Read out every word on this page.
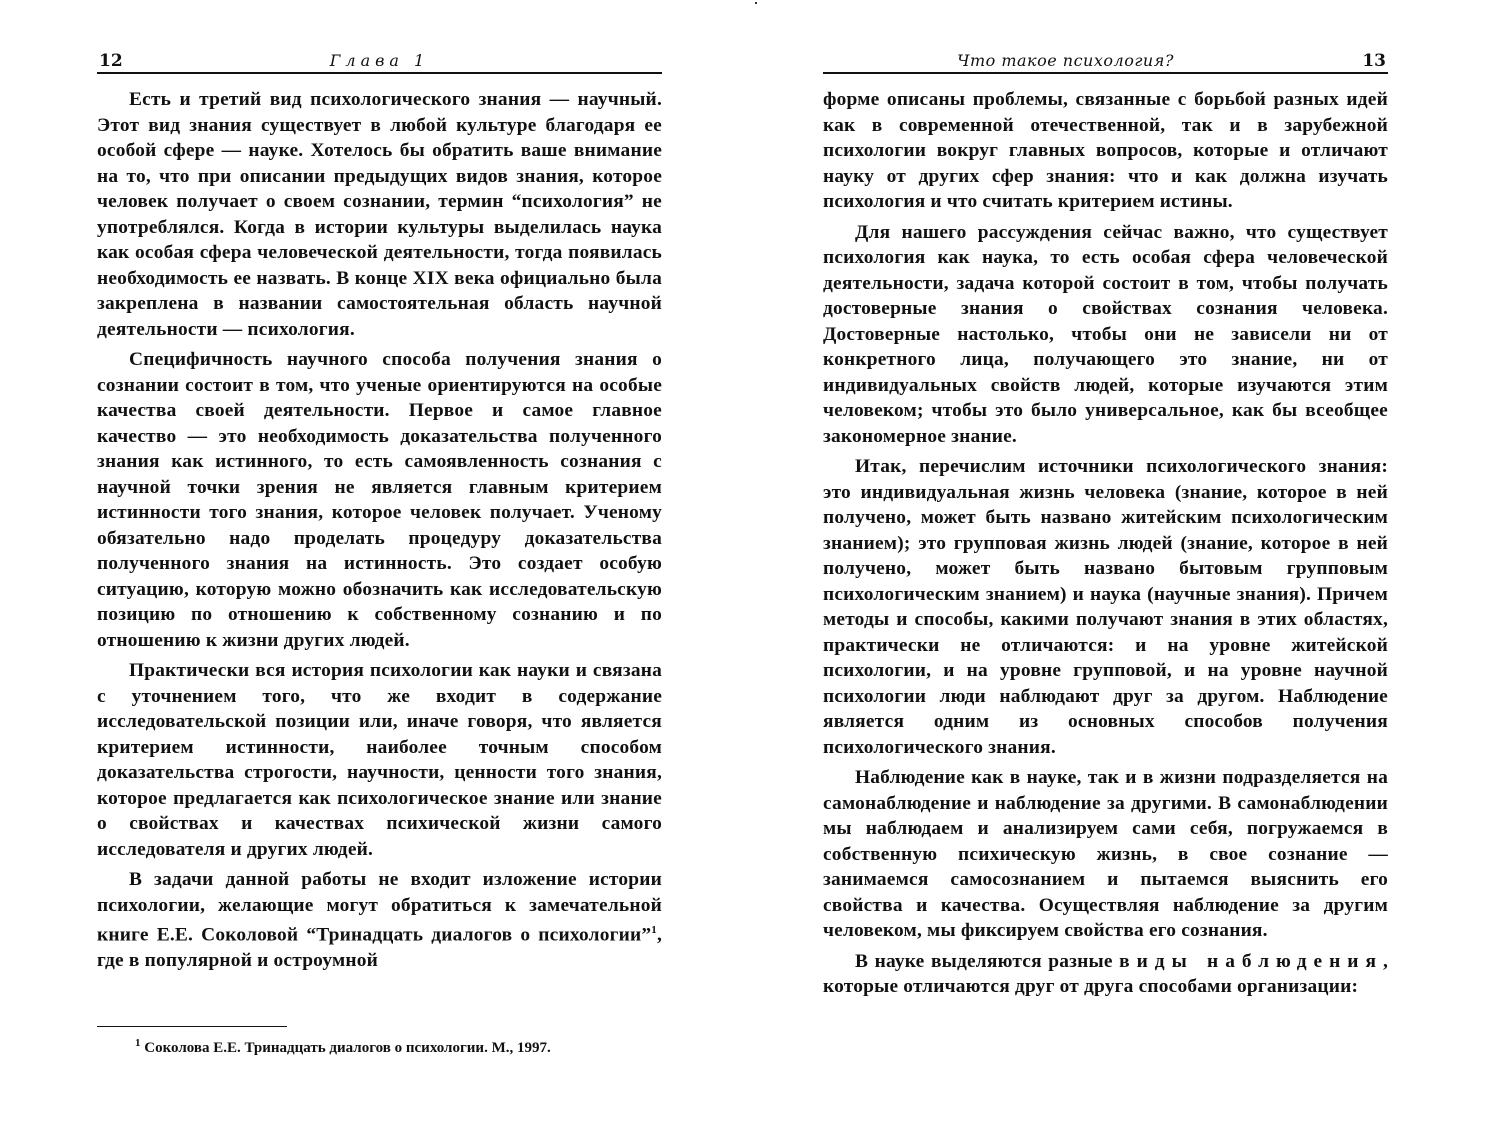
12	Глава 1

Есть и третий вид психологического знания — научный. Этот вид знания существует в любой культуре благодаря ее особой сфере — науке. Хотелось бы обратить ваше внимание на то, что при описании предыдущих видов знания, которое человек получает о своем сознании, термин “психология” не употреблялся. Когда в истории культуры выделилась наука как особая сфера человеческой деятельности, тогда появилась необходимость ее назвать. В конце XIX века официально была закреплена в названии самостоятельная область научной деятельности — психология.

Специфичность научного способа получения знания о сознании состоит в том, что ученые ориентируются на особые качества своей деятельности. Первое и самое главное качество — это необходимость доказательства полученного знания как истинного, то есть самоявленность сознания с научной точки зрения не является главным критерием истинности того знания, которое человек получает. Ученому обязательно надо проделать процедуру доказательства полученного знания на истинность. Это создает особую ситуацию, которую можно обозначить как исследовательскую позицию по отношению к собственному сознанию и по отношению к жизни других людей.

Практически вся история психологии как науки и связана с уточнением того, что же входит в содержание исследовательской позиции или, иначе говоря, что является критерием истинности, наиболее точным способом доказательства строгости, научности, ценности того знания, которое предлагается как психологическое знание или знание о свойствах и качествах психической жизни самого исследователя и других людей.

В задачи данной работы не входит изложение истории психологии, желающие могут обратиться к замечательной книге Е.Е. Соколовой “Тринадцать диалогов о психологии”$^1$, где в популярной и остроумной

$^1$ Соколова Е.Е. Тринадцать диалогов о психологии. М., 1997.
Что такое психология?	13

форме описаны проблемы, связанные с борьбой разных идей как в современной отечественной, так и в зарубежной психологии вокруг главных вопросов, которые и отличают науку от других сфер знания: что и как должна изучать психология и что считать критерием истины.

Для нашего рассуждения сейчас важно, что существует психология как наука, то есть особая сфера человеческой деятельности, задача которой состоит в том, чтобы получать достоверные знания о свойствах сознания человека. Достоверные настолько, чтобы они не зависели ни от конкретного лица, получающего это знание, ни от индивидуальных свойств людей, которые изучаются этим человеком; чтобы это было универсальное, как бы всеобщее закономерное знание.

Итак, перечислим источники психологического знания: это индивидуальная жизнь человека (знание, которое в ней получено, может быть названо житейским психологическим знанием); это групповая жизнь людей (знание, которое в ней получено, может быть названо бытовым групповым психологическим знанием) и наука (научные знания). Причем методы и способы, какими получают знания в этих областях, практически не отличаются: и на уровне житейской психологии, и на уровне групповой, и на уровне научной психологии люди наблюдают друг за другом. Наблюдение является одним из основных способов получения психологического знания.

Наблюдение как в науке, так и в жизни подразделяется на самонаблюдение и наблюдение за другими. В самонаблюдении мы наблюдаем и анализируем сами себя, погружаемся в собственную психическую жизнь, в свое сознание — занимаемся самосознанием и пытаемся выяснить его свойства и качества. Осуществляя наблюдение за другим человеком, мы фиксируем свойства его сознания.

В науке выделяются разные виды наблюдения, которые отличаются друг от друга способами организации:
